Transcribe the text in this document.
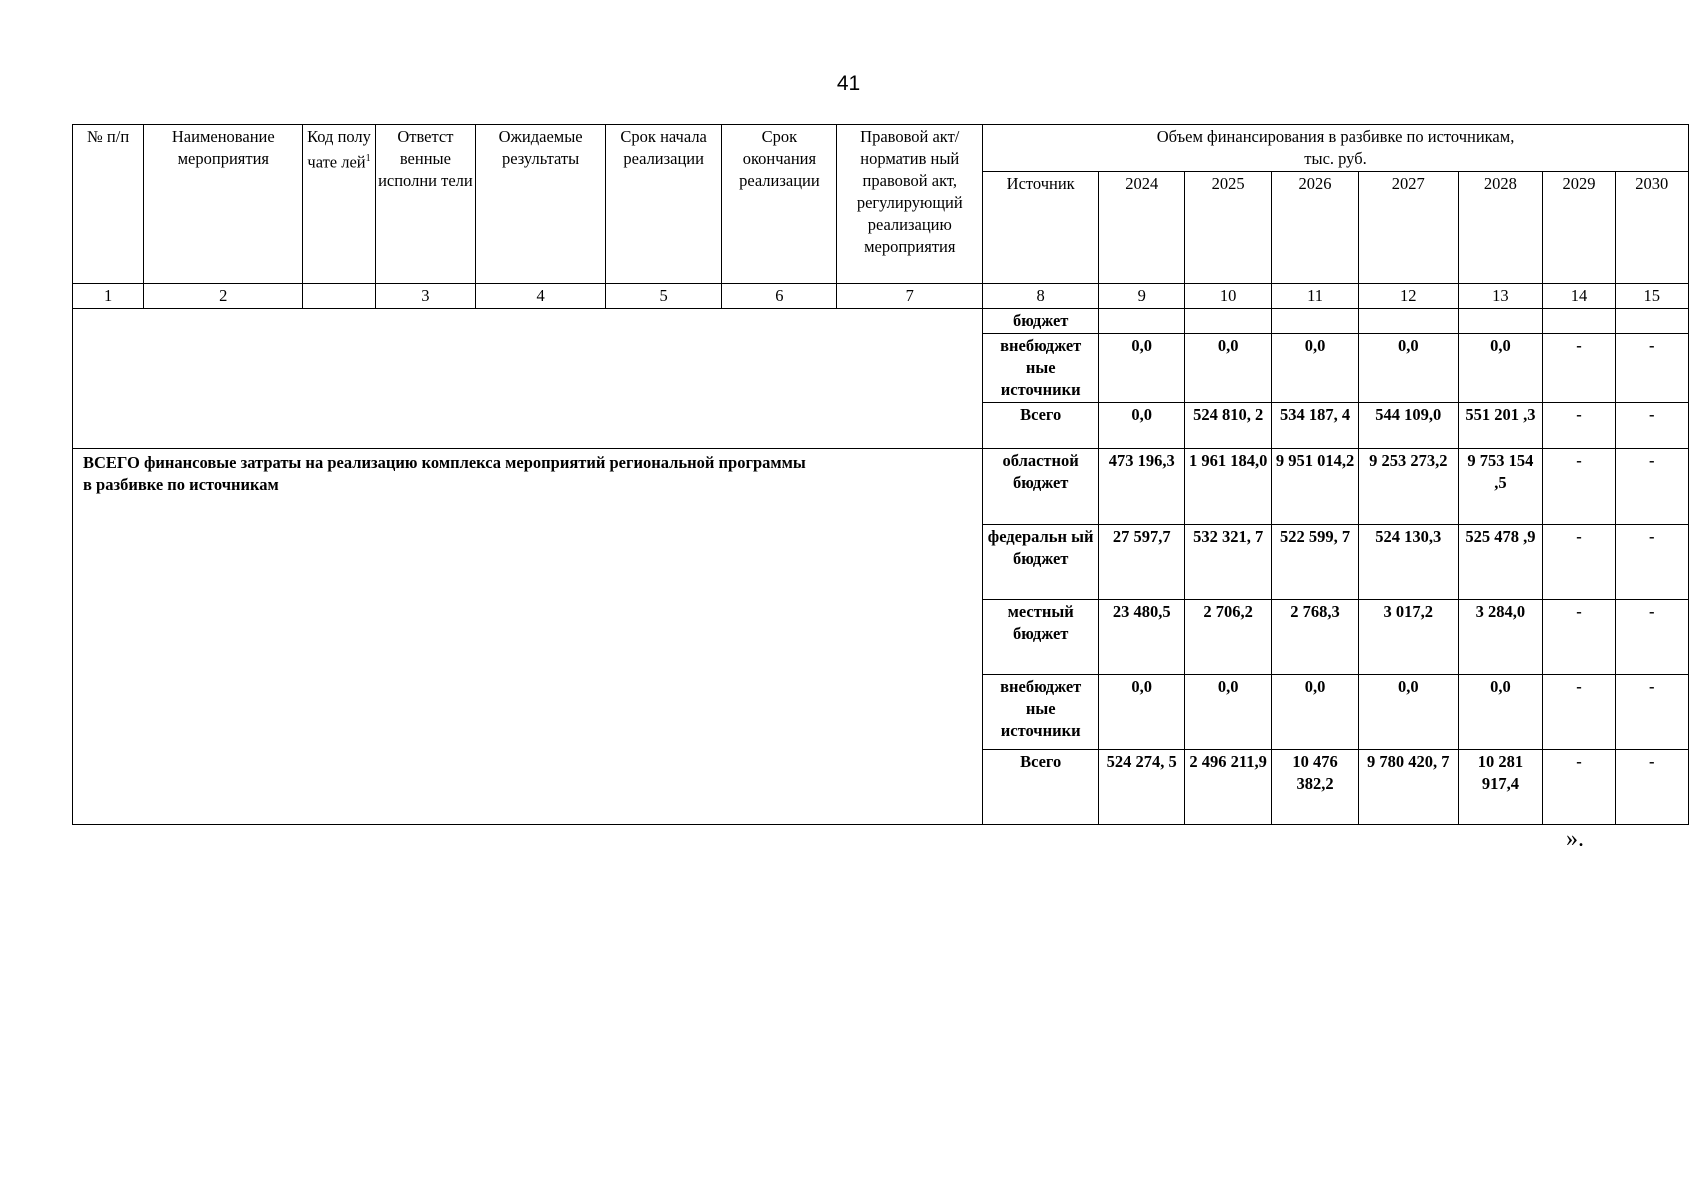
41
№ п/п	Наименование мероприятия	Код полу чате лей$^1$	Ответст венные исполни тели	Ожидаемые результаты	Срок начала реализации	Срок окончания реализации	Правовой акт/норматив ный правовой акт, регулирующий реализацию мероприятия	Объем финансирования в разбивке по источникам,
тыс. руб.							

								Источник	2024	2025	2026	2027	2028	2029	2030
1	2		3	4	5	6	7	8	9	10	11	12	13	14	15
								бюджет							
								внебюджет ные источники	0,0	0,0	0,0	0,0	0,0	-	-
								Всего	0,0	524 810, 2	534 187, 4	544 109,0	551 201 ,3	-	-

ВСЕГО финансовые затраты на реализацию комплекса мероприятий региональной программы
в разбивке по источникам								областной бюджет	473 196,3	1 961 184,0	9 951 014,2	9 253 273,2	9 753 154 ,5	-	-
								федеральн ый бюджет	27 597,7	532 321, 7	522 599, 7	524 130,3	525 478 ,9	-	-
								местный бюджет	23 480,5	2 706,2	2 768,3	3 017,2	3 284,0	-	-
								внебюджет ные источники	0,0	0,0	0,0	0,0	0,0	-	-
								Всего	524 274, 5	2 496 211,9	10 476 382,2	9 780 420, 7	10 281 917,4	-	-
».
